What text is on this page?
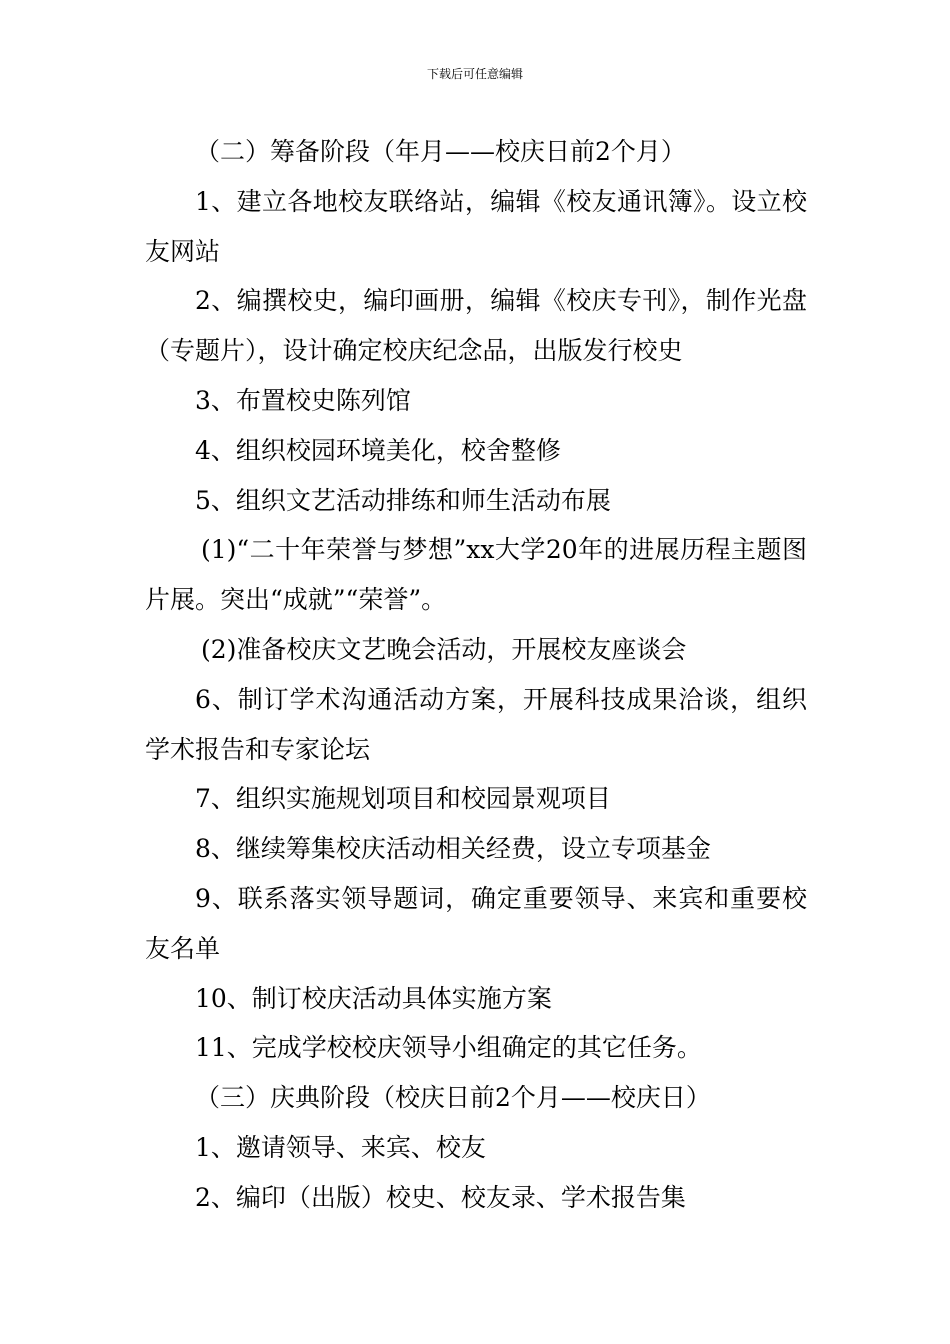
下载后可任意编辑

（二）筹备阶段（年月——校庆日前2个月）

1、建立各地校友联络站，编辑《校友通讯簿》。设立校友网站

2、编撰校史，编印画册，编辑《校庆专刊》，制作光盘（专题片），设计确定校庆纪念品，出版发行校史

3、布置校史陈列馆

4、组织校园环境美化，校舍整修

5、组织文艺活动排练和师生活动布展

(1)“二十年荣誉与梦想”xx大学20年的进展历程主题图片展。突出“成就”“荣誉”。

(2)准备校庆文艺晚会活动，开展校友座谈会

6、制订学术沟通活动方案，开展科技成果洽谈，组织学术报告和专家论坛

7、组织实施规划项目和校园景观项目

8、继续筹集校庆活动相关经费，设立专项基金

9、联系落实领导题词，确定重要领导、来宾和重要校友名单

10、制订校庆活动具体实施方案

11、完成学校校庆领导小组确定的其它任务。

（三）庆典阶段（校庆日前2个月——校庆日）

1、邀请领导、来宾、校友

2、编印（出版）校史、校友录、学术报告集
